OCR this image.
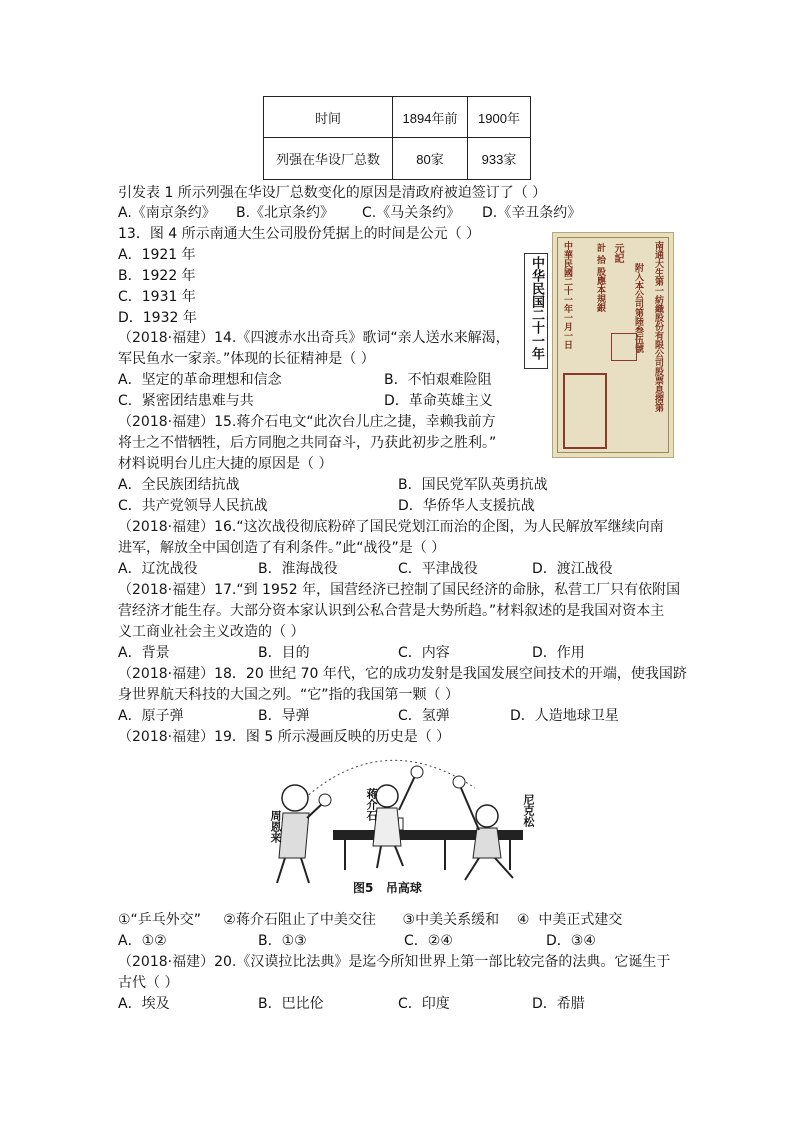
时间	1894年前	1900年
列强在华设厂总数	80家	933家
引发表 1 所示列强在华设厂总数变化的原因是清政府被迫签订了（ ）
A.《南京条约》 B.《北京条约》 C.《马关条约》 D.《辛丑条约》
13．图 4 所示南通大生公司股份凭据上的时间是公元（ ）
A．1921 年
B．1922 年
C．1931 年
D．1932 年	中华民国二十一年	南通大生第一紡織股份有限公司股票息摺第
附入本公司第陸叁伍號
元記
計 拾 股應本規銀
中華民國二十一年一月一日
（2018·福建）14.《四渡赤水出奇兵》歌词“亲人送水来解渴，
军民鱼水一家亲。”体现的长征精神是（ ）
A．坚定的革命理想和信念	B．不怕艰难险阻
C．紧密团结患难与共	D．革命英雄主义
（2018·福建）15.蒋介石电文“此次台儿庄之捷，幸赖我前方
将士之不惜牺牲，后方同胞之共同奋斗，乃获此初步之胜利。”
材料说明台儿庄大捷的原因是（ ）
A．全民族团结抗战	B．国民党军队英勇抗战
C．共产党领导人民抗战	D．华侨华人支援抗战
（2018·福建）16.“这次战役彻底粉碎了国民党划江而治的企图，为人民解放军继续向南
进军，解放全中国创造了有利条件。”此“战役”是（ ）
A．辽沈战役	B．淮海战役	C．平津战役	D．渡江战役
（2018·福建）17.“到 1952 年，国营经济已控制了国民经济的命脉，私营工厂只有依附国
营经济才能生存。大部分资本家认识到公私合营是大势所趋。”材料叙述的是我国对资本主
义工商业社会主义改造的（ ）
A．背景	B．目的	C．内容	D．作用
（2018·福建）18．20 世纪 70 年代，它的成功发射是我国发展空间技术的开端，使我国跻
身世界航天科技的大国之列。“它”指的我国第一颗（ ）
A．原子弹	B．导弹	C．氢弹	D．人造地球卫星
（2018·福建）19．图 5 所示漫画反映的历史是（ ）
周恩来
蒋介石	尼克松
图5   吊高球
①“乒乓外交”     ②蒋介石阻止了中美交往      ③中美关系缓和    ④  中美正式建交
A．①②	B．①③	C．②④	D．③④
（2018·福建）20.《汉谟拉比法典》是迄今所知世界上第一部比较完备的法典。它诞生于
古代（ ）
A．埃及	B．巴比伦	C．印度	D．希腊
